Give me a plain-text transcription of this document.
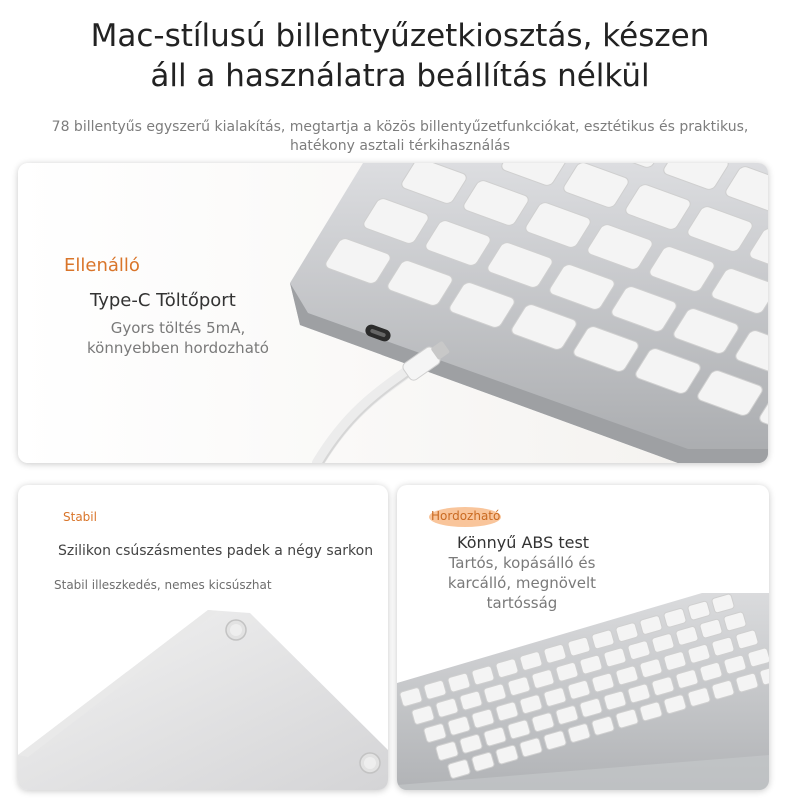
Mac-stílusú billentyűzetkiosztás, készen
áll a használatra beállítás nélkül
78 billentyűs egyszerű kialakítás, megtartja a közös billentyűzetfunkciókat, esztétikus és praktikus,
hatékony asztali térkihasználás
Ellenálló
Type-C Töltőport
Gyors töltés 5mA,
könnyebben hordozható
Stabil
Szilikon csúszásmentes padek a négy sarkon
Stabil illeszkedés, nemes kicsúszhat
Hordozható
Könnyű ABS test
Tartós, kopásálló és
karcálló, megnövelt
tartósság
